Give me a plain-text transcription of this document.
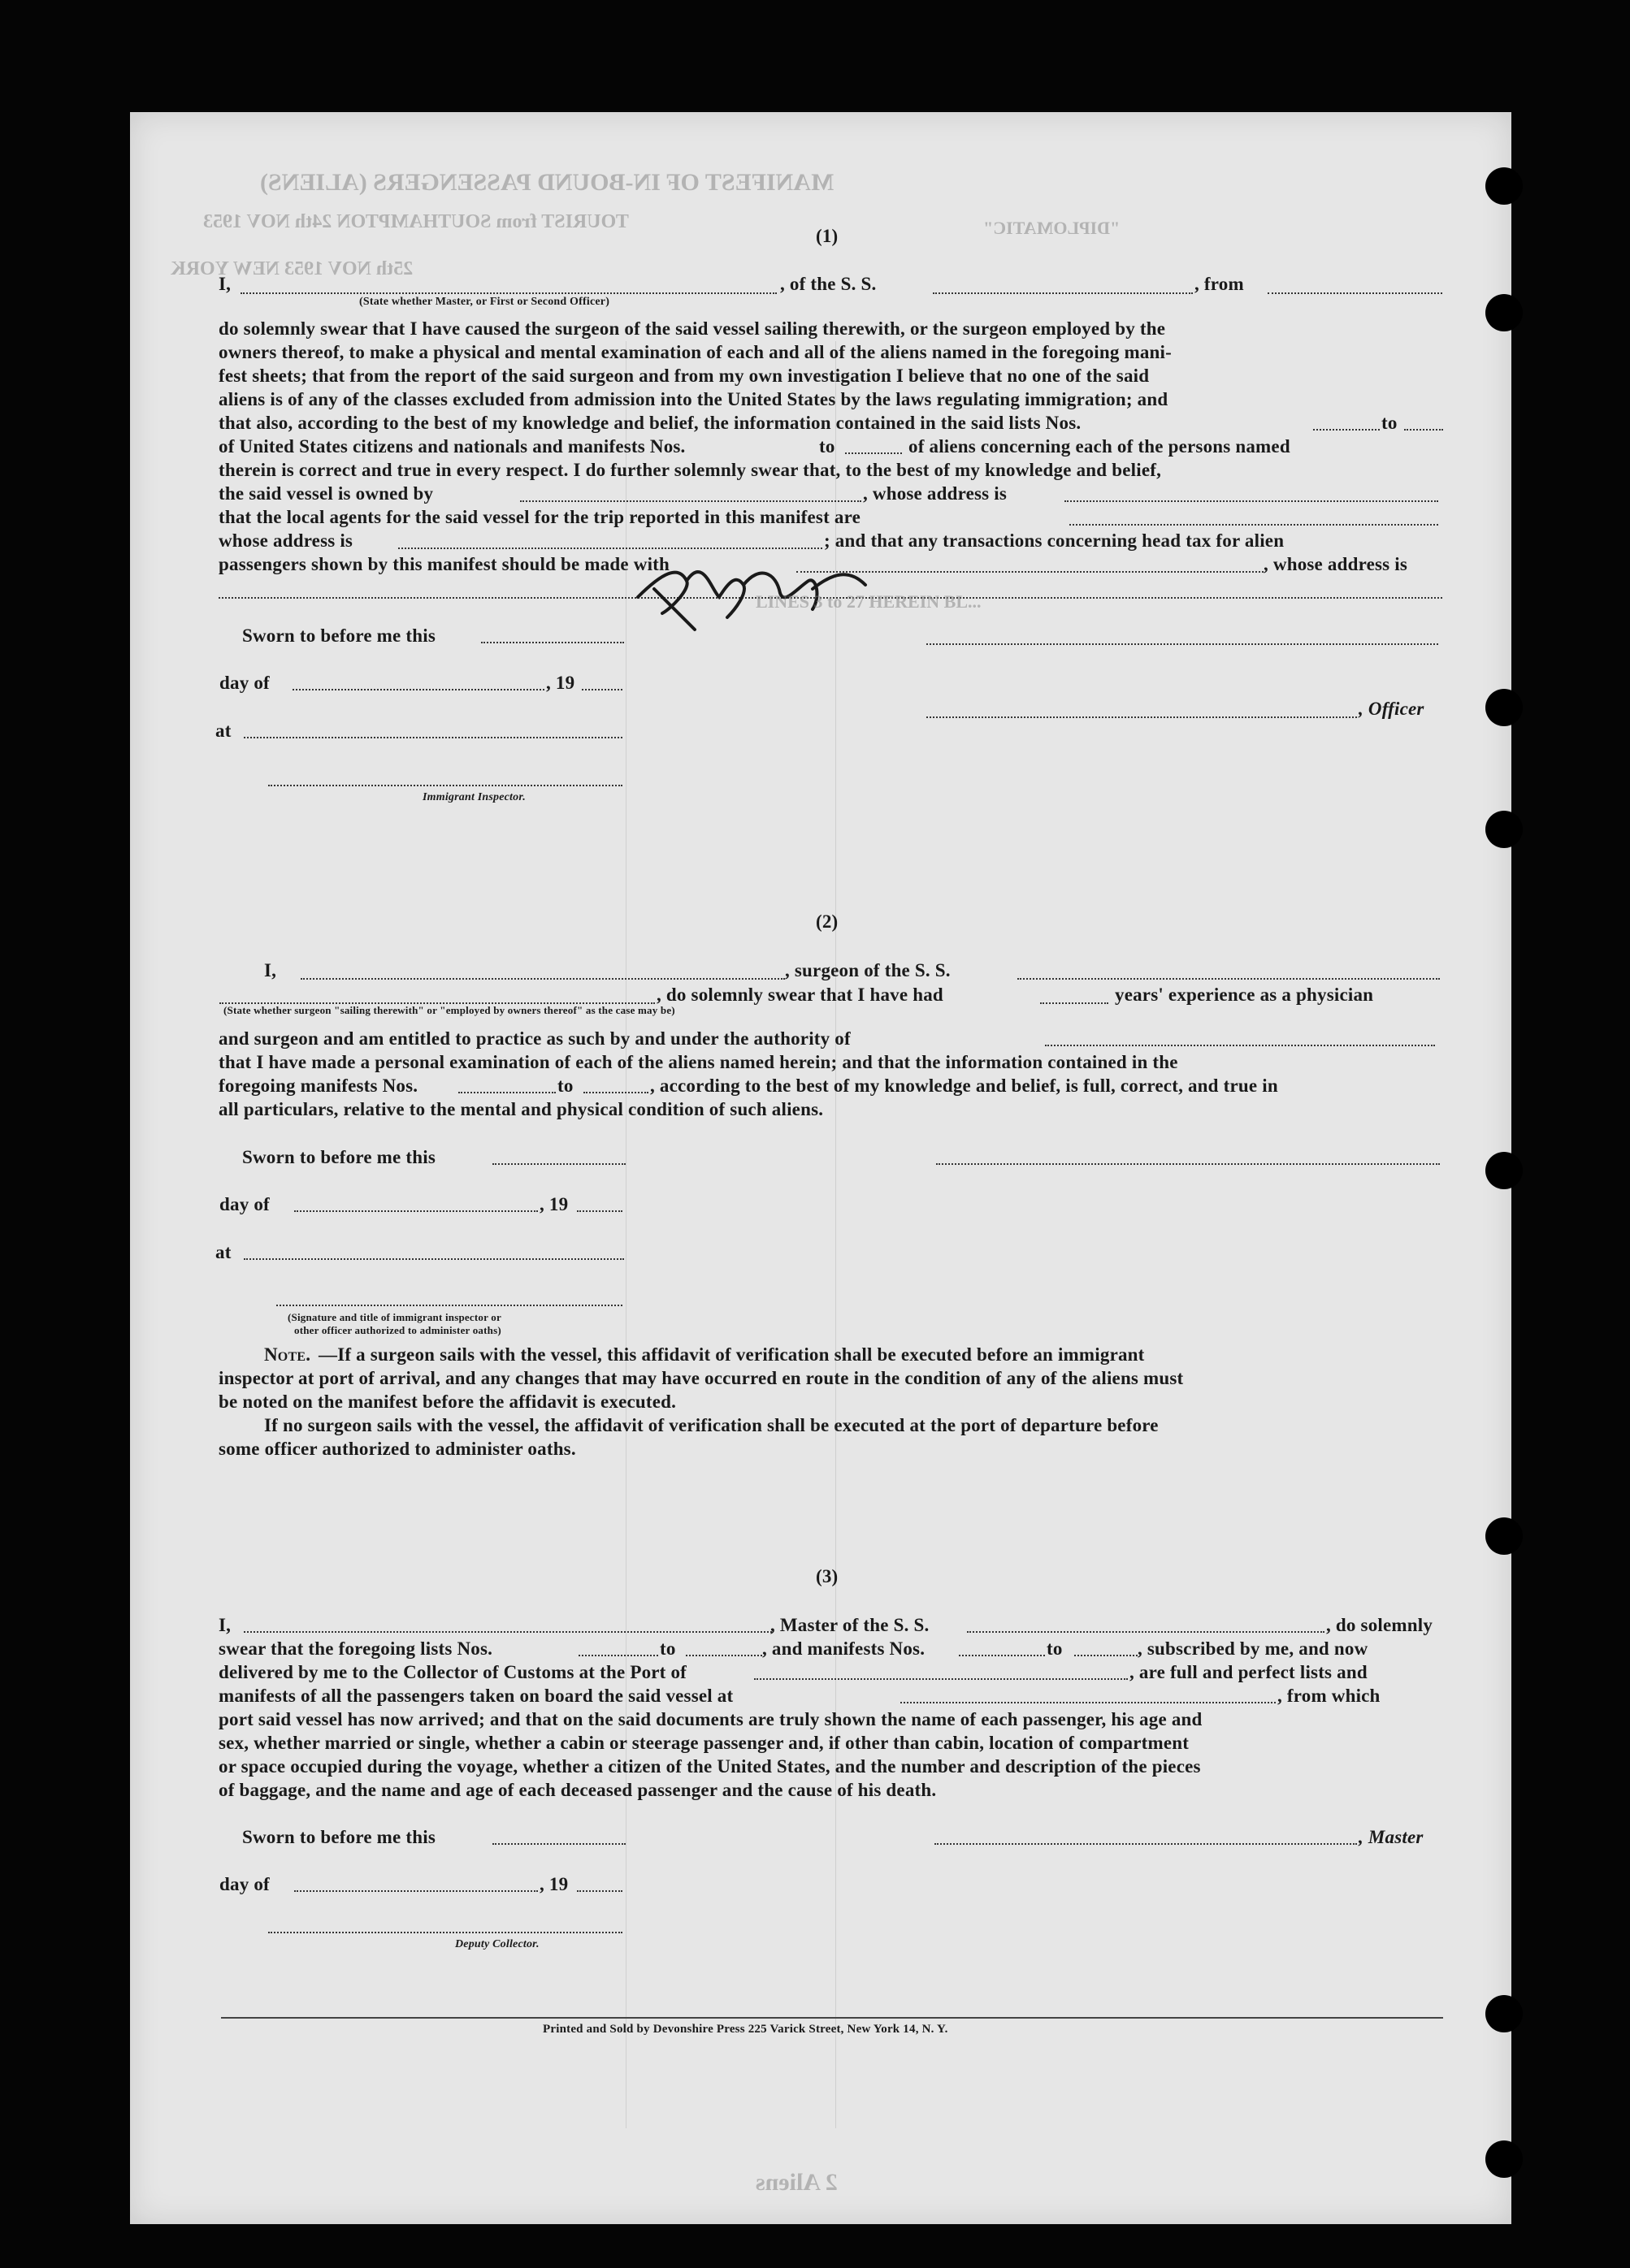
MANIFEST OF IN-BOUND PASSENGERS (ALIENS)
TOURIST from SOUTHAMPTON 24th NOV 1953
25th NOV 1953 NEW YORK
"DIPLOMATIC"
(1)
I,	, of the S. S.	, from
(State whether Master, or First or Second Officer)
do solemnly swear that I have caused the surgeon of the said vessel sailing therewith, or the surgeon employed by the
owners thereof, to make a physical and mental examination of each and all of the aliens named in the foregoing mani-
fest sheets; that from the report of the said surgeon and from my own investigation I believe that no one of the said
aliens is of any of the classes excluded from admission into the United States by the laws regulating immigration; and
that also, according to the best of my knowledge and belief, the information contained in the said lists Nos.	to
of United States citizens and nationals and manifests Nos.	to	of aliens concerning each of the persons named
therein is correct and true in every respect. I do further solemnly swear that, to the best of my knowledge and belief,
the said vessel is owned by	, whose address is
that the local agents for the said vessel for the trip reported in this manifest are
whose address is	; and that any transactions concerning head tax for alien
passengers shown by this manifest should be made with	, whose address is
LINES 3 to 27 HEREIN BL...
Sworn to before me this
day of	, 19
, Officer
at
Immigrant Inspector.
(2)
I,	, surgeon of the S. S.
, do solemnly swear that I have had	years' experience as a physician
(State whether surgeon "sailing therewith" or "employed by owners thereof" as the case may be)
and surgeon and am entitled to practice as such by and under the authority of
that I have made a personal examination of each of the aliens named herein; and that the information contained in the
foregoing manifests Nos.	to	, according to the best of my knowledge and belief, is full, correct, and true in
all particulars, relative to the mental and physical condition of such aliens.
Sworn to before me this
day of	, 19
at
(Signature and title of immigrant inspector or
other officer authorized to administer oaths)
Note. —If a surgeon sails with the vessel, this affidavit of verification shall be executed before an immigrant
inspector at port of arrival, and any changes that may have occurred en route in the condition of any of the aliens must
be noted on the manifest before the affidavit is executed.
If no surgeon sails with the vessel, the affidavit of verification shall be executed at the port of departure before
some officer authorized to administer oaths.
(3)
I,	, Master of the S. S.	, do solemnly
swear that the foregoing lists Nos.	to	, and manifests Nos.	to	, subscribed by me, and now
delivered by me to the Collector of Customs at the Port of	, are full and perfect lists and
manifests of all the passengers taken on board the said vessel at	, from which
port said vessel has now arrived; and that on the said documents are truly shown the name of each passenger, his age and
sex, whether married or single, whether a cabin or steerage passenger and, if other than cabin, location of compartment
or space occupied during the voyage, whether a citizen of the United States, and the number and description of the pieces
of baggage, and the name and age of each deceased passenger and the cause of his death.
Sworn to before me this	, Master
day of	, 19
Deputy Collector.
Printed and Sold by Devonshire Press 225 Varick Street, New York 14, N. Y.
2 Aliens
